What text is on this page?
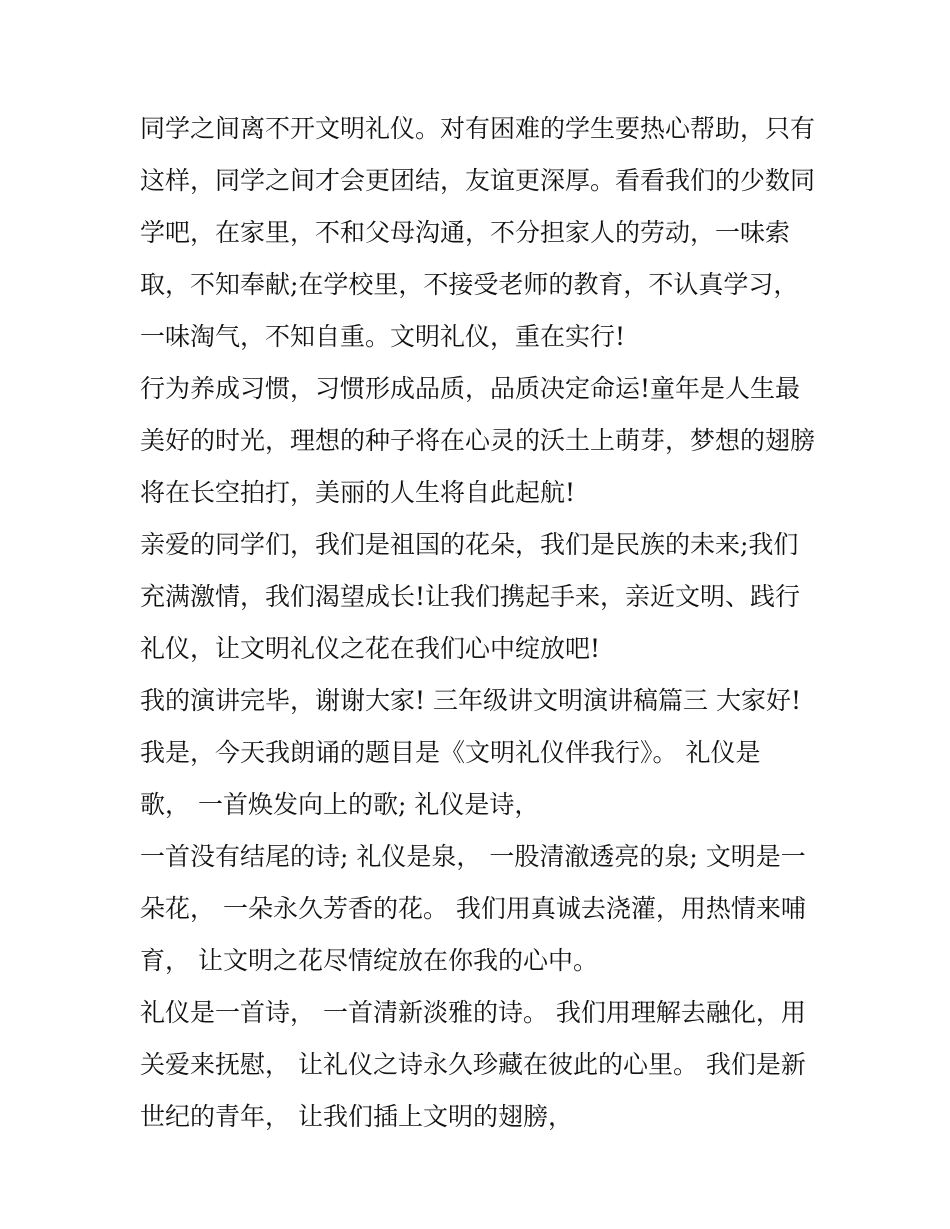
同学之间离不开文明礼仪。对有困难的学生要热心帮助，只有
这样，同学之间才会更团结，友谊更深厚。看看我们的少数同
学吧，在家里，不和父母沟通，不分担家人的劳动，一味索
取，不知奉献;在学校里，不接受老师的教育，不认真学习，
一味淘气，不知自重。文明礼仪，重在实行!
行为养成习惯，习惯形成品质，品质决定命运!童年是人生最
美好的时光，理想的种子将在心灵的沃土上萌芽，梦想的翅膀
将在长空拍打，美丽的人生将自此起航!
亲爱的同学们，我们是祖国的花朵，我们是民族的未来;我们
充满激情，我们渴望成长!让我们携起手来，亲近文明、践行
礼仪，让文明礼仪之花在我们心中绽放吧!
我的演讲完毕，谢谢大家! 三年级讲文明演讲稿篇三 大家好!
我是，今天我朗诵的题目是《文明礼仪伴我行》。 礼仪是
歌， 一首焕发向上的歌; 礼仪是诗，
一首没有结尾的诗; 礼仪是泉， 一股清澈透亮的泉; 文明是一
朵花， 一朵永久芳香的花。 我们用真诚去浇灌，用热情来哺
育， 让文明之花尽情绽放在你我的心中。
礼仪是一首诗， 一首清新淡雅的诗。 我们用理解去融化，用
关爱来抚慰， 让礼仪之诗永久珍藏在彼此的心里。 我们是新
世纪的青年， 让我们插上文明的翅膀，
